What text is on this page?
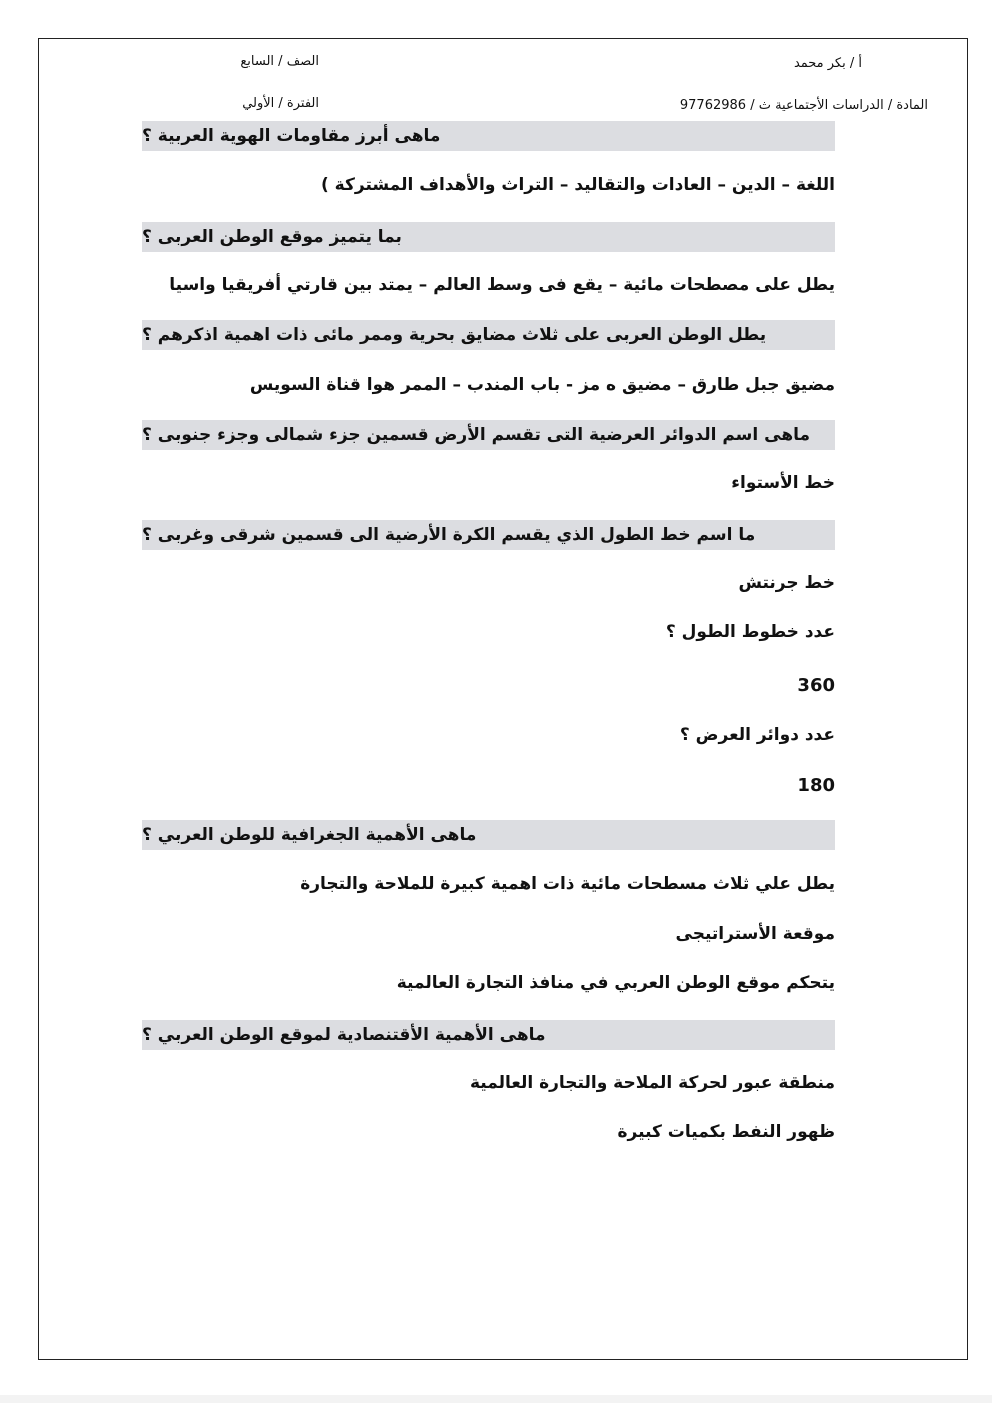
أ / بكر محمد
الصف / السابع
المادة / الدراسات الأجتماعية ث / 97762986
الفترة / الأولي
ماهى أبرز مقاومات الهوية العربية ؟
اللغة – الدين – العادات والتقاليد – التراث والأهداف المشتركة )
بما يتميز موقع الوطن العربى ؟
يطل على مصطحات مائية – يقع فى وسط العالم – يمتد بين قارتي أفريقيا واسيا
يطل الوطن العربى على ثلاث مضايق بحرية وممر مائى ذات اهمية اذكرهم ؟
مضيق جبل طارق – مضيق ه مز - باب المندب – الممر هوا قناة السويس
ماهى اسم الدوائر العرضية التى تقسم الأرض قسمين جزء شمالى وجزء جنوبى ؟
خط الأستواء
ما اسم خط الطول الذي يقسم الكرة الأرضية الى قسمين شرقى وغربى ؟
خط جرنتش
عدد خطوط الطول ؟
360
عدد دوائر العرض ؟
180
ماهى الأهمية الجغرافية للوطن العربي ؟
يطل علي ثلاث مسطحات مائية ذات اهمية كبيرة للملاحة والتجارة
موقعة الأستراتيجى
يتحكم موقع الوطن العربي في منافذ التجارة العالمية
ماهى الأهمية الأقتنصادية لموقع الوطن العربي ؟
منطقة عبور لحركة الملاحة والتجارة العالمية
ظهور النفط بكميات كبيرة
